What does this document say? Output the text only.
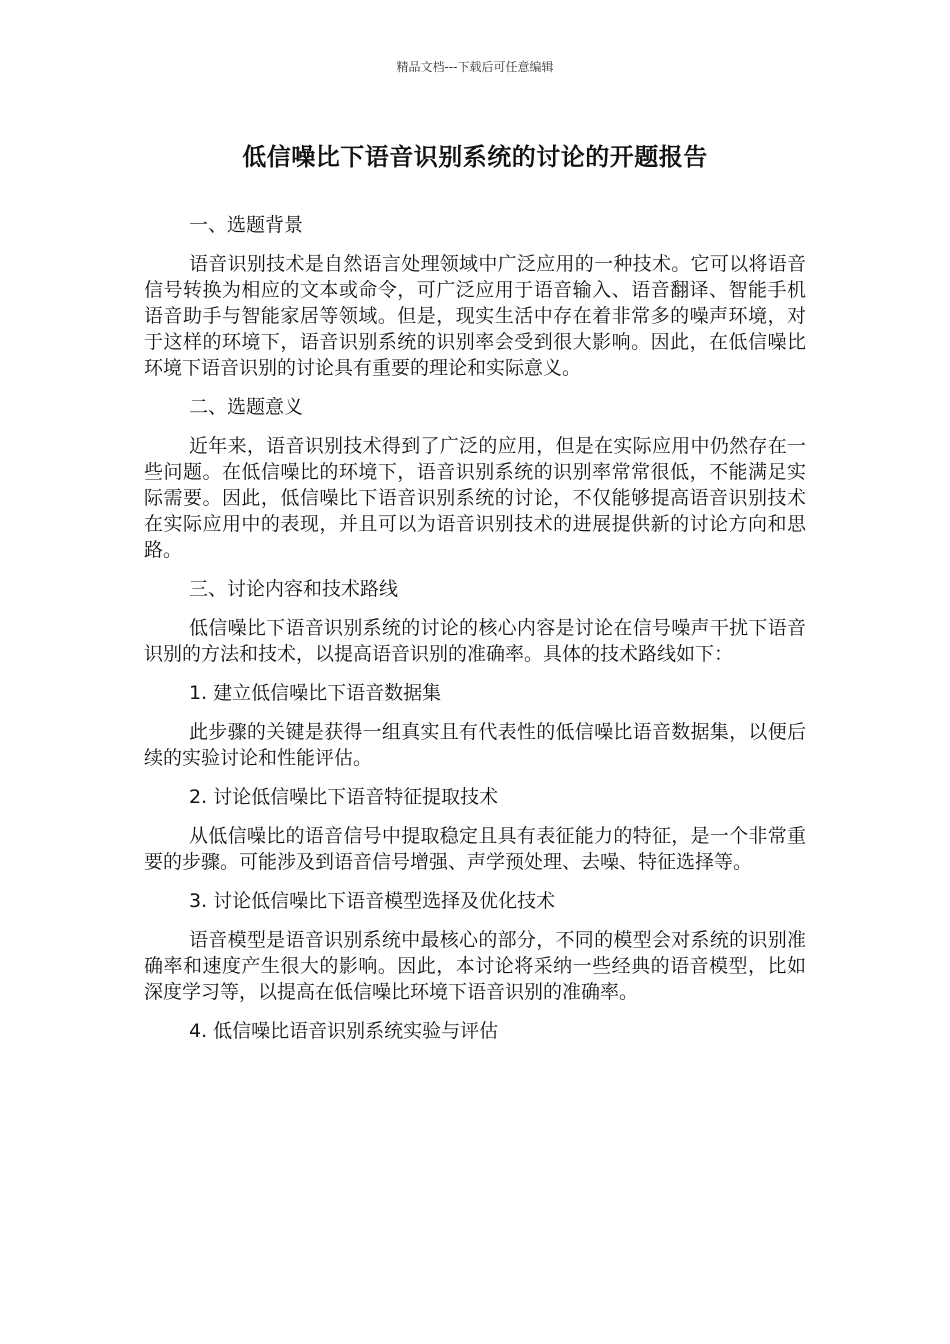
精品文档---下载后可任意编辑
低信噪比下语音识别系统的讨论的开题报告

一、选题背景

语音识别技术是自然语言处理领域中广泛应用的一种技术。它可以将语音信号转换为相应的文本或命令，可广泛应用于语音输入、语音翻译、智能手机语音助手与智能家居等领域。但是，现实生活中存在着非常多的噪声环境，对于这样的环境下，语音识别系统的识别率会受到很大影响。因此，在低信噪比环境下语音识别的讨论具有重要的理论和实际意义。

二、选题意义

近年来，语音识别技术得到了广泛的应用，但是在实际应用中仍然存在一些问题。在低信噪比的环境下，语音识别系统的识别率常常很低，不能满足实际需要。因此，低信噪比下语音识别系统的讨论，不仅能够提高语音识别技术在实际应用中的表现，并且可以为语音识别技术的进展提供新的讨论方向和思路。

三、讨论内容和技术路线

低信噪比下语音识别系统的讨论的核心内容是讨论在信号噪声干扰下语音识别的方法和技术，以提高语音识别的准确率。具体的技术路线如下：

1. 建立低信噪比下语音数据集

此步骤的关键是获得一组真实且有代表性的低信噪比语音数据集，以便后续的实验讨论和性能评估。

2. 讨论低信噪比下语音特征提取技术

从低信噪比的语音信号中提取稳定且具有表征能力的特征，是一个非常重要的步骤。可能涉及到语音信号增强、声学预处理、去噪、特征选择等。

3. 讨论低信噪比下语音模型选择及优化技术

语音模型是语音识别系统中最核心的部分，不同的模型会对系统的识别准确率和速度产生很大的影响。因此，本讨论将采纳一些经典的语音模型，比如深度学习等，以提高在低信噪比环境下语音识别的准确率。

4. 低信噪比语音识别系统实验与评估
